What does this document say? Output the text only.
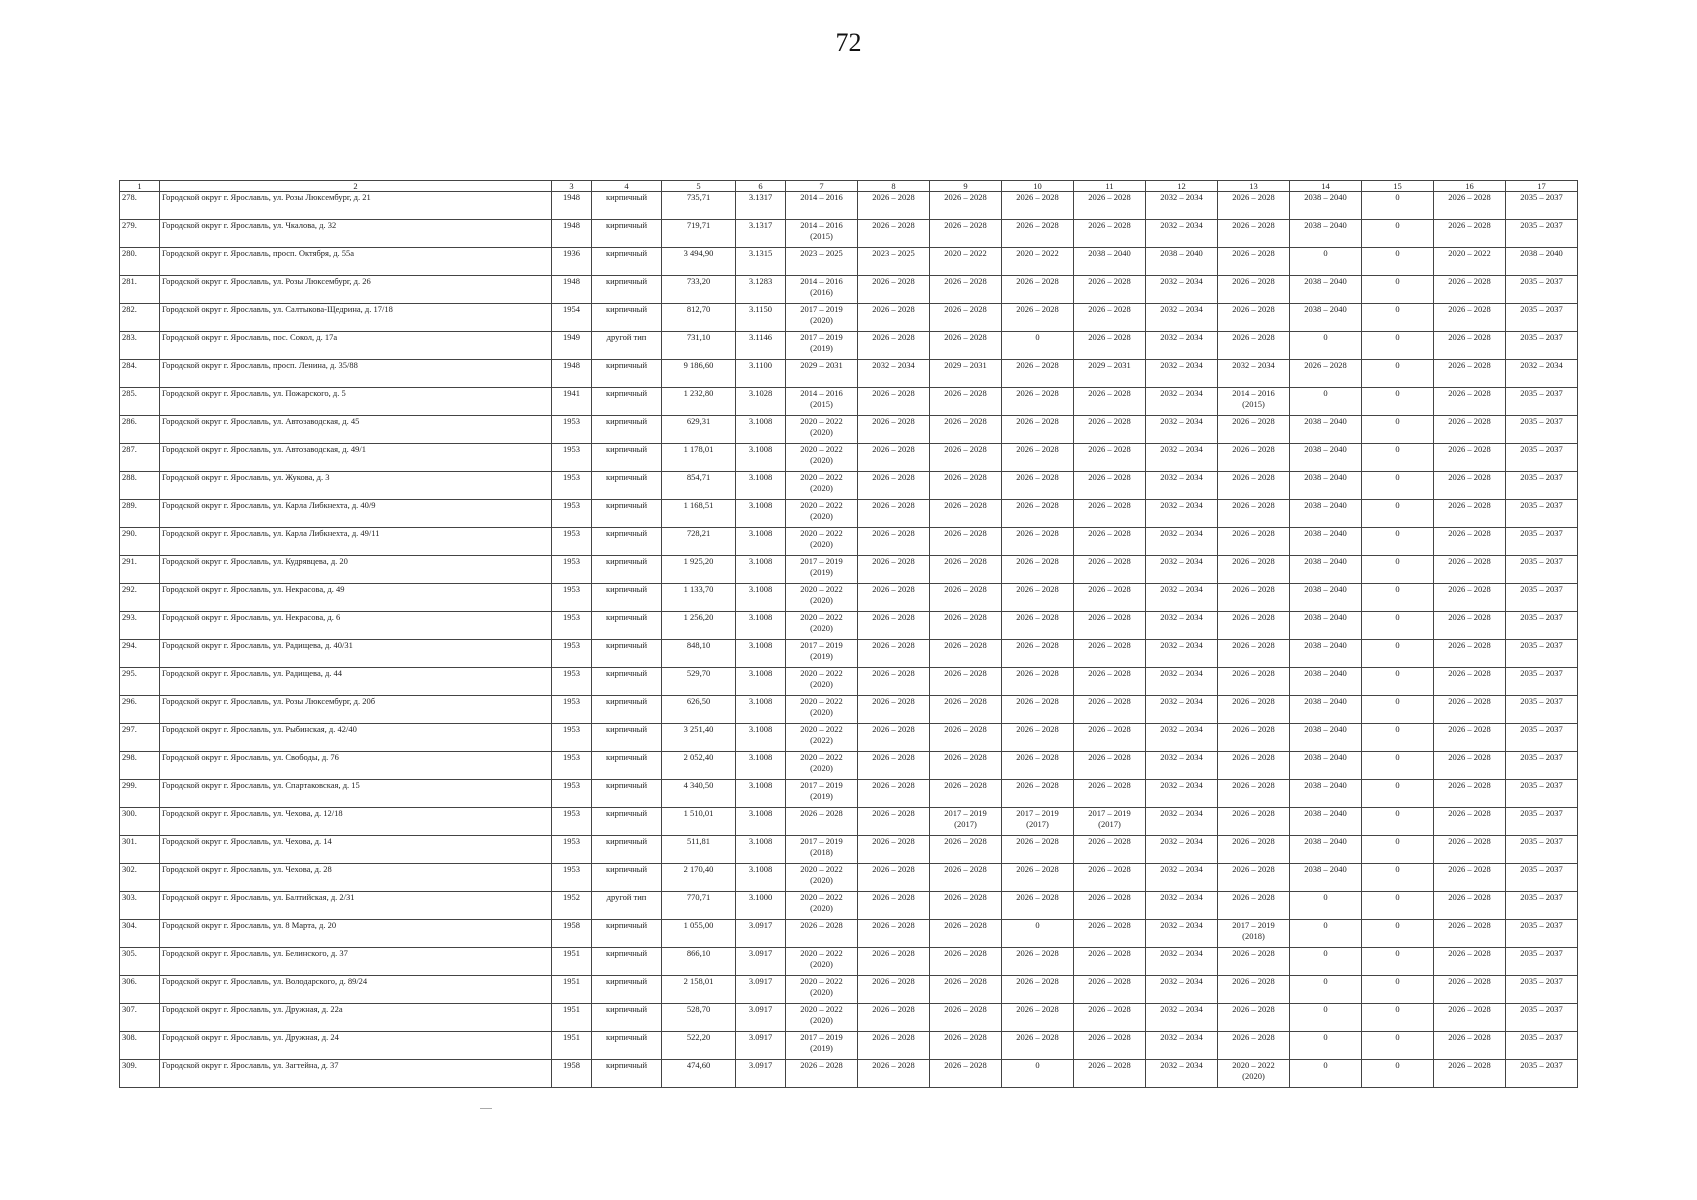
72
1	2	3	4	5	6	7	8	9	10	11	12	13	14	15	16	17
278.	Городской округ г. Ярославль, ул. Розы Люксембург, д. 21	1948	кирпичный	735,71	3.1317	2014 – 2016	2026 – 2028	2026 – 2028	2026 – 2028	2026 – 2028	2032 – 2034	2026 – 2028	2038 – 2040	0	2026 – 2028	2035 – 2037
279.	Городской округ г. Ярославль, ул. Чкалова, д. 32	1948	кирпичный	719,71	3.1317	2014 – 2016 (2015)	2026 – 2028	2026 – 2028	2026 – 2028	2026 – 2028	2032 – 2034	2026 – 2028	2038 – 2040	0	2026 – 2028	2035 – 2037
280.	Городской округ г. Ярославль, просп. Октября, д. 55а	1936	кирпичный	3 494,90	3.1315	2023 – 2025	2023 – 2025	2020 – 2022	2020 – 2022	2038 – 2040	2038 – 2040	2026 – 2028	0	0	2020 – 2022	2038 – 2040
281.	Городской округ г. Ярославль, ул. Розы Люксембург, д. 26	1948	кирпичный	733,20	3.1283	2014 – 2016 (2016)	2026 – 2028	2026 – 2028	2026 – 2028	2026 – 2028	2032 – 2034	2026 – 2028	2038 – 2040	0	2026 – 2028	2035 – 2037
282.	Городской округ г. Ярославль, ул. Салтыкова-Щедрина, д. 17/18	1954	кирпичный	812,70	3.1150	2017 – 2019 (2020)	2026 – 2028	2026 – 2028	2026 – 2028	2026 – 2028	2032 – 2034	2026 – 2028	2038 – 2040	0	2026 – 2028	2035 – 2037
283.	Городской округ г. Ярославль, пос. Сокол, д. 17а	1949	другой тип	731,10	3.1146	2017 – 2019 (2019)	2026 – 2028	2026 – 2028	0	2026 – 2028	2032 – 2034	2026 – 2028	0	0	2026 – 2028	2035 – 2037
284.	Городской округ г. Ярославль, просп. Ленина, д. 35/88	1948	кирпичный	9 186,60	3.1100	2029 – 2031	2032 – 2034	2029 – 2031	2026 – 2028	2029 – 2031	2032 – 2034	2032 – 2034	2026 – 2028	0	2026 – 2028	2032 – 2034
285.	Городской округ г. Ярославль, ул. Пожарского, д. 5	1941	кирпичный	1 232,80	3.1028	2014 – 2016 (2015)	2026 – 2028	2026 – 2028	2026 – 2028	2026 – 2028	2032 – 2034	2014 – 2016 (2015)	0	0	2026 – 2028	2035 – 2037
286.	Городской округ г. Ярославль, ул. Автозаводская, д. 45	1953	кирпичный	629,31	3.1008	2020 – 2022 (2020)	2026 – 2028	2026 – 2028	2026 – 2028	2026 – 2028	2032 – 2034	2026 – 2028	2038 – 2040	0	2026 – 2028	2035 – 2037
287.	Городской округ г. Ярославль, ул. Автозаводская, д. 49/1	1953	кирпичный	1 178,01	3.1008	2020 – 2022 (2020)	2026 – 2028	2026 – 2028	2026 – 2028	2026 – 2028	2032 – 2034	2026 – 2028	2038 – 2040	0	2026 – 2028	2035 – 2037
288.	Городской округ г. Ярославль, ул. Жукова, д. 3	1953	кирпичный	854,71	3.1008	2020 – 2022 (2020)	2026 – 2028	2026 – 2028	2026 – 2028	2026 – 2028	2032 – 2034	2026 – 2028	2038 – 2040	0	2026 – 2028	2035 – 2037
289.	Городской округ г. Ярославль, ул. Карла Либкнехта, д. 40/9	1953	кирпичный	1 168,51	3.1008	2020 – 2022 (2020)	2026 – 2028	2026 – 2028	2026 – 2028	2026 – 2028	2032 – 2034	2026 – 2028	2038 – 2040	0	2026 – 2028	2035 – 2037
290.	Городской округ г. Ярославль, ул. Карла Либкнехта, д. 49/11	1953	кирпичный	728,21	3.1008	2020 – 2022 (2020)	2026 – 2028	2026 – 2028	2026 – 2028	2026 – 2028	2032 – 2034	2026 – 2028	2038 – 2040	0	2026 – 2028	2035 – 2037
291.	Городской округ г. Ярославль, ул. Кудрявцева, д. 20	1953	кирпичный	1 925,20	3.1008	2017 – 2019 (2019)	2026 – 2028	2026 – 2028	2026 – 2028	2026 – 2028	2032 – 2034	2026 – 2028	2038 – 2040	0	2026 – 2028	2035 – 2037
292.	Городской округ г. Ярославль, ул. Некрасова, д. 49	1953	кирпичный	1 133,70	3.1008	2020 – 2022 (2020)	2026 – 2028	2026 – 2028	2026 – 2028	2026 – 2028	2032 – 2034	2026 – 2028	2038 – 2040	0	2026 – 2028	2035 – 2037
293.	Городской округ г. Ярославль, ул. Некрасова, д. 6	1953	кирпичный	1 256,20	3.1008	2020 – 2022 (2020)	2026 – 2028	2026 – 2028	2026 – 2028	2026 – 2028	2032 – 2034	2026 – 2028	2038 – 2040	0	2026 – 2028	2035 – 2037
294.	Городской округ г. Ярославль, ул. Радищева, д. 40/31	1953	кирпичный	848,10	3.1008	2017 – 2019 (2019)	2026 – 2028	2026 – 2028	2026 – 2028	2026 – 2028	2032 – 2034	2026 – 2028	2038 – 2040	0	2026 – 2028	2035 – 2037
295.	Городской округ г. Ярославль, ул. Радищева, д. 44	1953	кирпичный	529,70	3.1008	2020 – 2022 (2020)	2026 – 2028	2026 – 2028	2026 – 2028	2026 – 2028	2032 – 2034	2026 – 2028	2038 – 2040	0	2026 – 2028	2035 – 2037
296.	Городской округ г. Ярославль, ул. Розы Люксембург, д. 20б	1953	кирпичный	626,50	3.1008	2020 – 2022 (2020)	2026 – 2028	2026 – 2028	2026 – 2028	2026 – 2028	2032 – 2034	2026 – 2028	2038 – 2040	0	2026 – 2028	2035 – 2037
297.	Городской округ г. Ярославль, ул. Рыбинская, д. 42/40	1953	кирпичный	3 251,40	3.1008	2020 – 2022 (2022)	2026 – 2028	2026 – 2028	2026 – 2028	2026 – 2028	2032 – 2034	2026 – 2028	2038 – 2040	0	2026 – 2028	2035 – 2037
298.	Городской округ г. Ярославль, ул. Свободы, д. 76	1953	кирпичный	2 052,40	3.1008	2020 – 2022 (2020)	2026 – 2028	2026 – 2028	2026 – 2028	2026 – 2028	2032 – 2034	2026 – 2028	2038 – 2040	0	2026 – 2028	2035 – 2037
299.	Городской округ г. Ярославль, ул. Спартаковская, д. 15	1953	кирпичный	4 340,50	3.1008	2017 – 2019 (2019)	2026 – 2028	2026 – 2028	2026 – 2028	2026 – 2028	2032 – 2034	2026 – 2028	2038 – 2040	0	2026 – 2028	2035 – 2037
300.	Городской округ г. Ярославль, ул. Чехова, д. 12/18	1953	кирпичный	1 510,01	3.1008	2026 – 2028	2026 – 2028	2017 – 2019 (2017)	2017 – 2019 (2017)	2017 – 2019 (2017)	2032 – 2034	2026 – 2028	2038 – 2040	0	2026 – 2028	2035 – 2037
301.	Городской округ г. Ярославль, ул. Чехова, д. 14	1953	кирпичный	511,81	3.1008	2017 – 2019 (2018)	2026 – 2028	2026 – 2028	2026 – 2028	2026 – 2028	2032 – 2034	2026 – 2028	2038 – 2040	0	2026 – 2028	2035 – 2037
302.	Городской округ г. Ярославль, ул. Чехова, д. 28	1953	кирпичный	2 170,40	3.1008	2020 – 2022 (2020)	2026 – 2028	2026 – 2028	2026 – 2028	2026 – 2028	2032 – 2034	2026 – 2028	2038 – 2040	0	2026 – 2028	2035 – 2037
303.	Городской округ г. Ярославль, ул. Балтийская, д. 2/31	1952	другой тип	770,71	3.1000	2020 – 2022 (2020)	2026 – 2028	2026 – 2028	2026 – 2028	2026 – 2028	2032 – 2034	2026 – 2028	0	0	2026 – 2028	2035 – 2037
304.	Городской округ г. Ярославль, ул. 8 Марта, д. 20	1958	кирпичный	1 055,00	3.0917	2026 – 2028	2026 – 2028	2026 – 2028	0	2026 – 2028	2032 – 2034	2017 – 2019 (2018)	0	0	2026 – 2028	2035 – 2037
305.	Городской округ г. Ярославль, ул. Белинского, д. 37	1951	кирпичный	866,10	3.0917	2020 – 2022 (2020)	2026 – 2028	2026 – 2028	2026 – 2028	2026 – 2028	2032 – 2034	2026 – 2028	0	0	2026 – 2028	2035 – 2037
306.	Городской округ г. Ярославль, ул. Володарского, д. 89/24	1951	кирпичный	2 158,01	3.0917	2020 – 2022 (2020)	2026 – 2028	2026 – 2028	2026 – 2028	2026 – 2028	2032 – 2034	2026 – 2028	0	0	2026 – 2028	2035 – 2037
307.	Городской округ г. Ярославль, ул. Дружная, д. 22а	1951	кирпичный	528,70	3.0917	2020 – 2022 (2020)	2026 – 2028	2026 – 2028	2026 – 2028	2026 – 2028	2032 – 2034	2026 – 2028	0	0	2026 – 2028	2035 – 2037
308.	Городской округ г. Ярославль, ул. Дружная, д. 24	1951	кирпичный	522,20	3.0917	2017 – 2019 (2019)	2026 – 2028	2026 – 2028	2026 – 2028	2026 – 2028	2032 – 2034	2026 – 2028	0	0	2026 – 2028	2035 – 2037
309.	Городской округ г. Ярославль, ул. Загтейна, д. 37	1958	кирпичный	474,60	3.0917	2026 – 2028	2026 – 2028	2026 – 2028	0	2026 – 2028	2032 – 2034	2020 – 2022 (2020)	0	0	2026 – 2028	2035 – 2037
